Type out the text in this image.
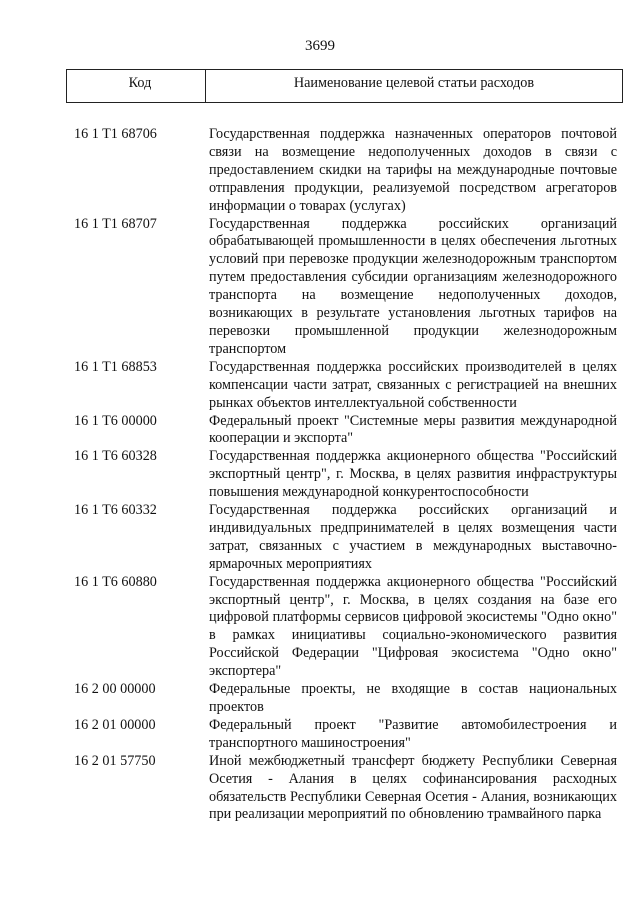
3699
Код	Наименование целевой статьи расходов
16 1 T1 68706	Государственная поддержка назначенных операторов почтовой связи на возмещение недополученных доходов в связи с предоставлением скидки на тарифы на международные почтовые отправления продукции, реализуемой посредством агрегаторов информации о товарах (услугах)
16 1 T1 68707	Государственная поддержка российских организаций обрабатывающей промышленности в целях обеспечения льготных условий при перевозке продукции железнодорожным транспортом путем предоставления субсидии организациям железнодорожного транспорта на возмещение недополученных доходов, возникающих в результате установления льготных тарифов на перевозки промышленной продукции железнодорожным транспортом
16 1 T1 68853	Государственная поддержка российских производителей в целях компенсации части затрат, связанных с регистрацией на внешних рынках объектов интеллектуальной собственности
16 1 T6 00000	Федеральный проект "Системные меры развития международной кооперации и экспорта"
16 1 T6 60328	Государственная поддержка акционерного общества "Российский экспортный центр", г. Москва, в целях развития инфраструктуры повышения международной конкурентоспособности
16 1 T6 60332	Государственная поддержка российских организаций и индивидуальных предпринимателей в целях возмещения части затрат, связанных с участием в международных выставочно-ярмарочных мероприятиях
16 1 T6 60880	Государственная поддержка акционерного общества "Российский экспортный центр", г. Москва, в целях создания на базе его цифровой платформы сервисов цифровой экосистемы "Одно окно" в рамках инициативы социально-экономического развития Российской Федерации "Цифровая экосистема "Одно окно" экспортера"
16 2 00 00000	Федеральные проекты, не входящие в состав национальных проектов
16 2 01 00000	Федеральный проект "Развитие автомобилестроения и транспортного машиностроения"
16 2 01 57750	Иной межбюджетный трансферт бюджету Республики Северная Осетия - Алания в целях софинансирования расходных обязательств Республики Северная Осетия - Алания, возникающих при реализации мероприятий по обновлению трамвайного парка
